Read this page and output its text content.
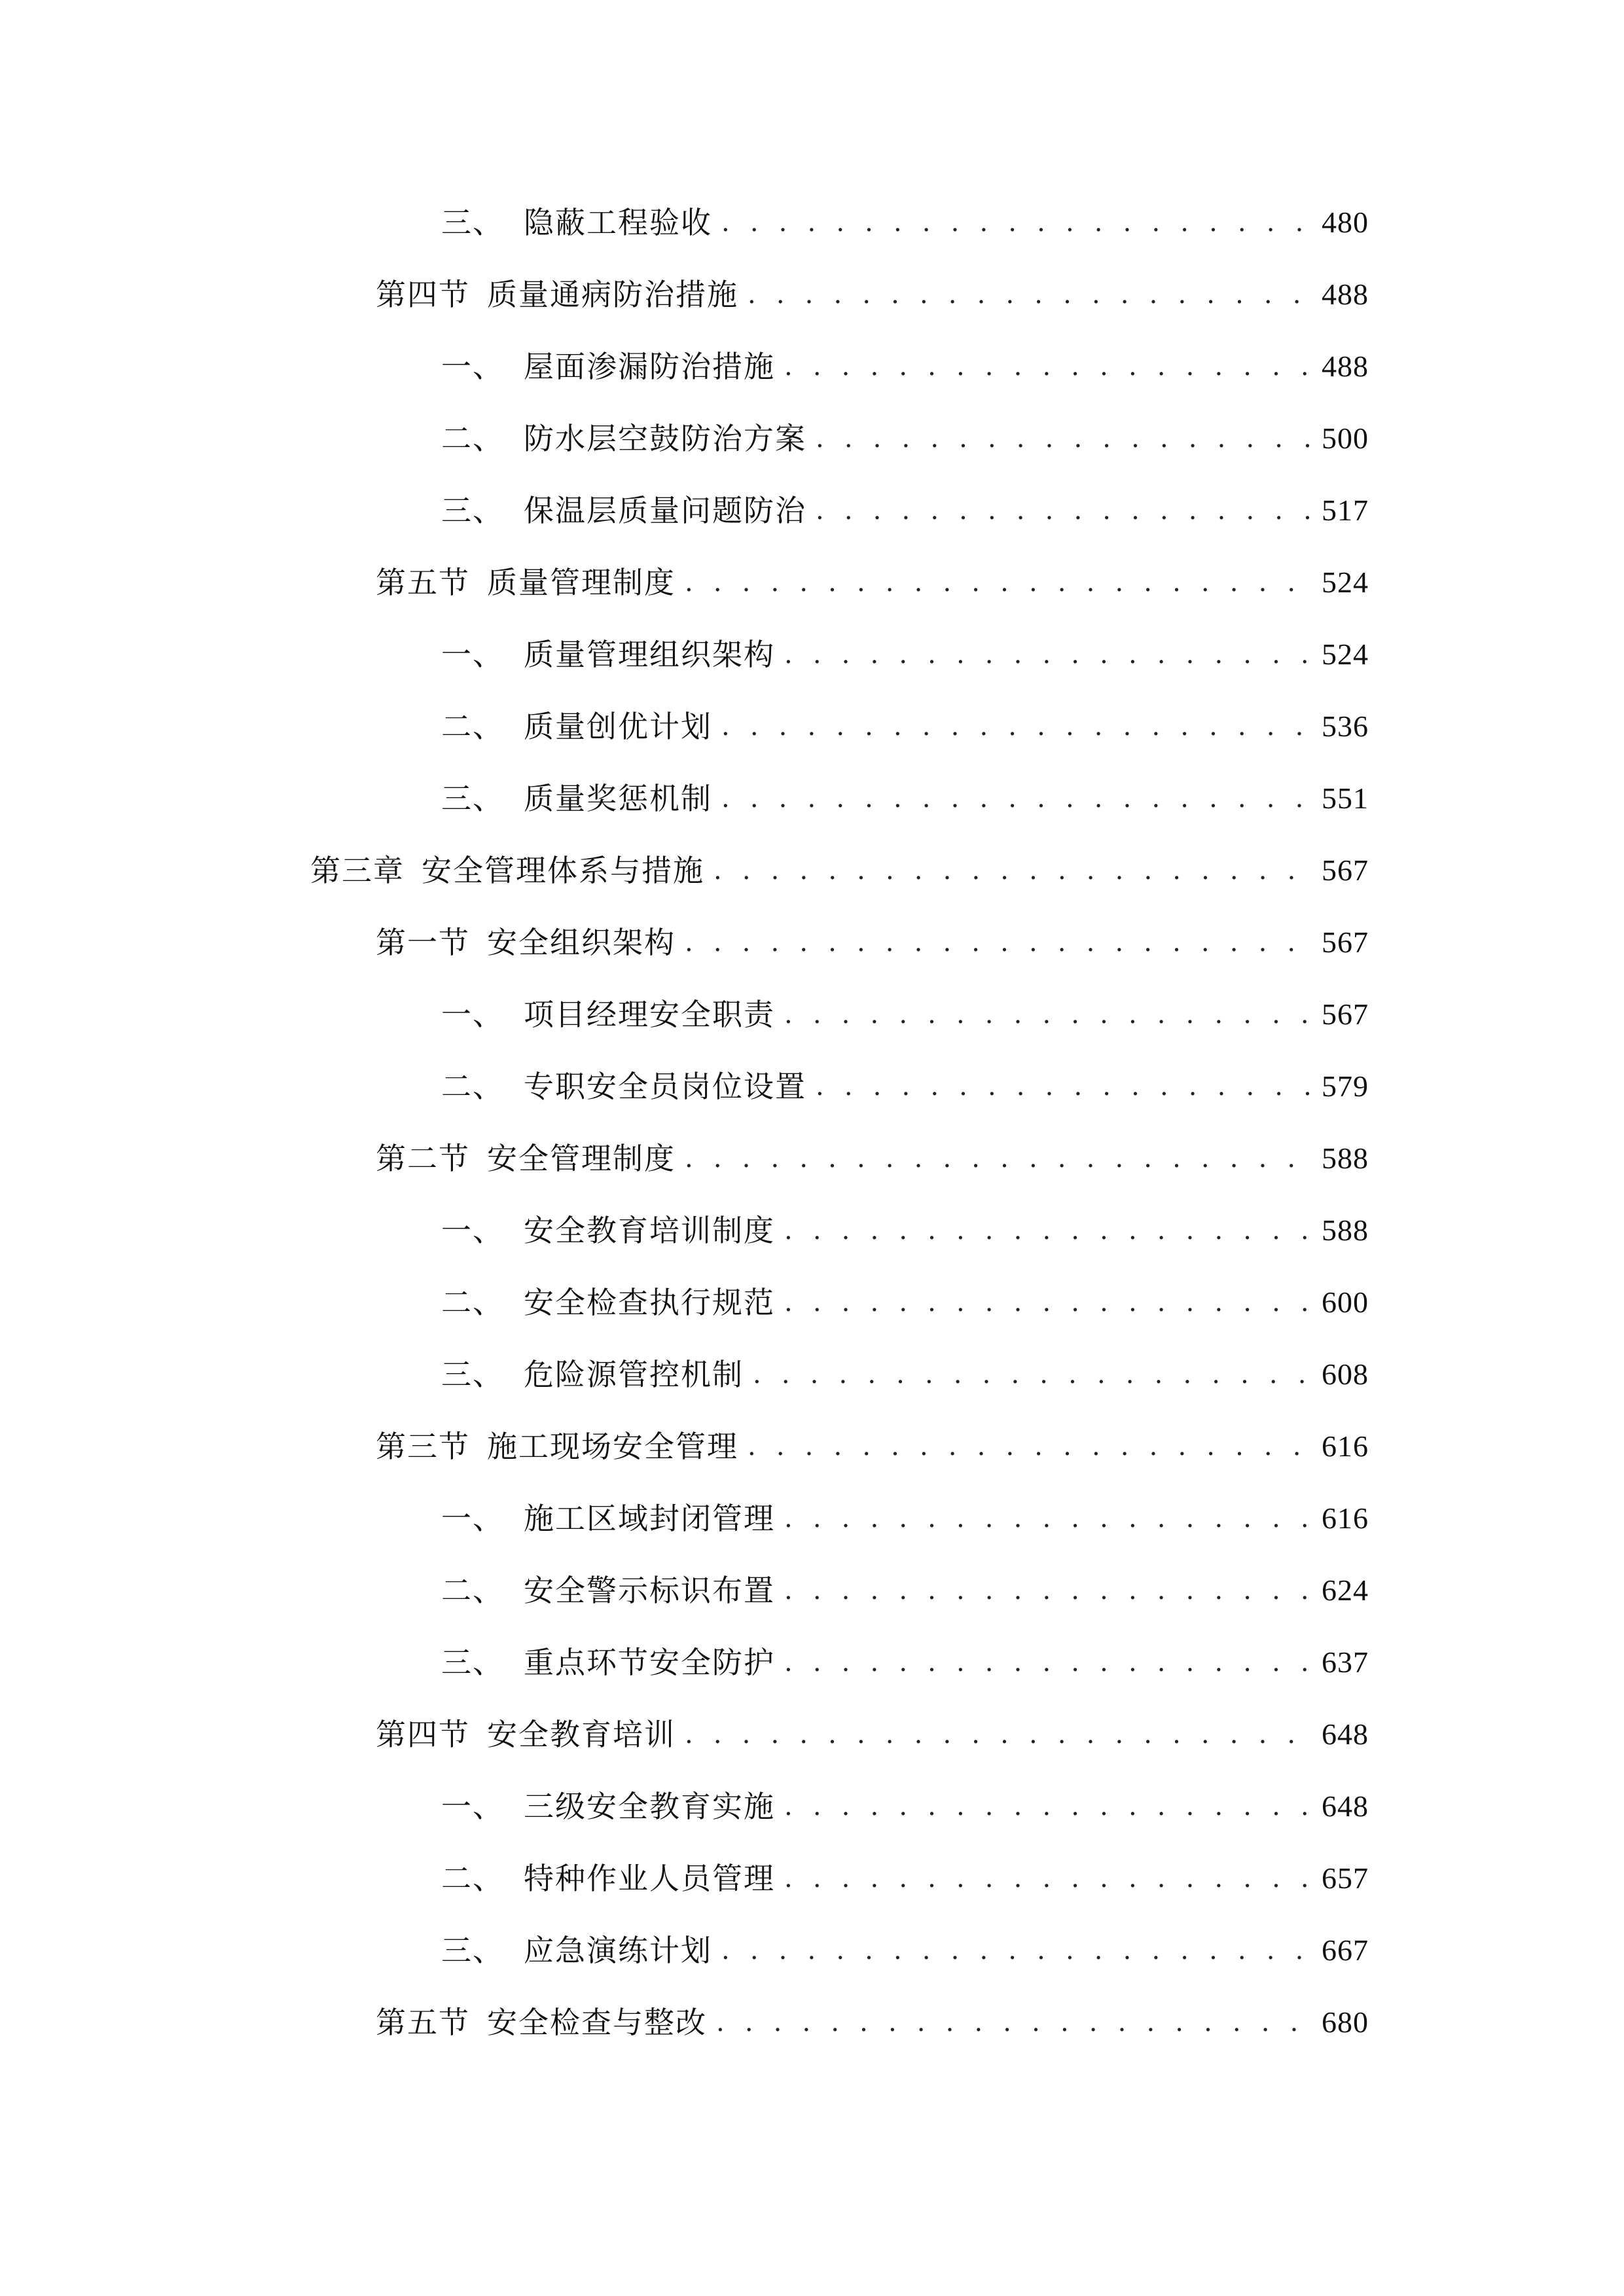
三、 隐蔽工程验收 . . .	480
第四节 质量通病防治措施 . . .	488
一、 屋面渗漏防治措施 . . .	488
二、 防水层空鼓防治方案 . . .	500
三、 保温层质量问题防治 . . .	517
第五节 质量管理制度 . . .	524
一、 质量管理组织架构 . . .	524
二、 质量创优计划 . . .	536
三、 质量奖惩机制 . . .	551
第三章 安全管理体系与措施 . . .	567
第一节 安全组织架构 . . .	567
一、 项目经理安全职责 . . .	567
二、 专职安全员岗位设置 . . .	579
第二节 安全管理制度 . . .	588
一、 安全教育培训制度 . . .	588
二、 安全检查执行规范 . . .	600
三、 危险源管控机制 . . .	608
第三节 施工现场安全管理 . . .	616
一、 施工区域封闭管理 . . .	616
二、 安全警示标识布置 . . .	624
三、 重点环节安全防护 . . .	637
第四节 安全教育培训 . . .	648
一、 三级安全教育实施 . . .	648
二、 特种作业人员管理 . . .	657
三、 应急演练计划 . . .	667
第五节 安全检查与整改 . . .	680
